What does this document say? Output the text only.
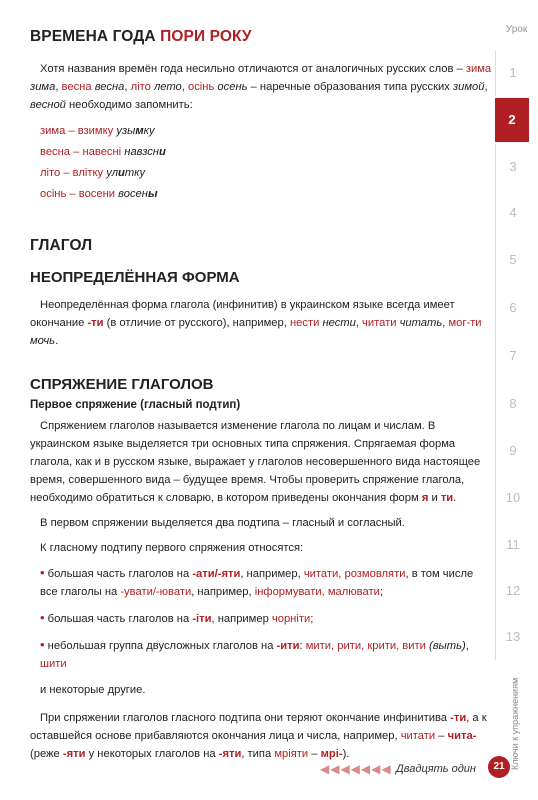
ВРЕМЕНА ГОДА ПОРИ РОКУ

Хотя названия времён года несильно отличаются от аналогичных русских слов – зима зима, весна весна, літо лето, осінь осень – наречные образования типа русских зимой, весной необходимо запомнить:

зима – взимку узымку
весна – навесні навзсни
літо – влітку улитку
осінь – восени восены
ГЛАГОЛ
НЕОПРЕДЕЛЁННАЯ ФОРМА

Неопределённая форма глагола (инфинитив) в украинском языке всегда имеет окончание -ти (в отличие от русского), например, нести нести, читати читать, мог-ти мочь.

СПРЯЖЕНИЕ ГЛАГОЛОВ
Первое спряжение (гласный подтип)

Спряжением глаголов называется изменение глагола по лицам и числам. В украинском языке выделяется три основных типа спряжения. Спрягаемая форма глагола, как и в русском языке, выражает у глаголов несовершенного вида настоящее время, совершенного вида – будущее время. Чтобы проверить спряжение глагола, необходимо обратиться к словарю, в котором приведены окончания форм я и ти.

В первом спряжении выделяется два подтипа – гласный и согласный.

К гласному подтипу первого спряжения относятся:

• большая часть глаголов на -ати/-яти, например, читати, розмовляти, в том числе все глаголы на -увати/-ювати, например, інформувати, малювати;
• большая часть глаголов на -іти, например чорніти;
• небольшая группа двусложных глаголов на -ити: мити, рити, крити, вити (выть), шити
и некоторые другие.

При спряжении глаголов гласного подтипа они теряют окончание инфинитива -ти, а к оставшейся основе прибавляются окончания лица и числа, например, читати – чита- (реже -яти у некоторых глаголов на -яти, типа мріяти – мрі-).

Урок
1
2
3
4
5
6
7
8
9
10
11
12
13
Ключи к упражнениям
◀◀◀◀◀◀◀ Двадцять один	21
